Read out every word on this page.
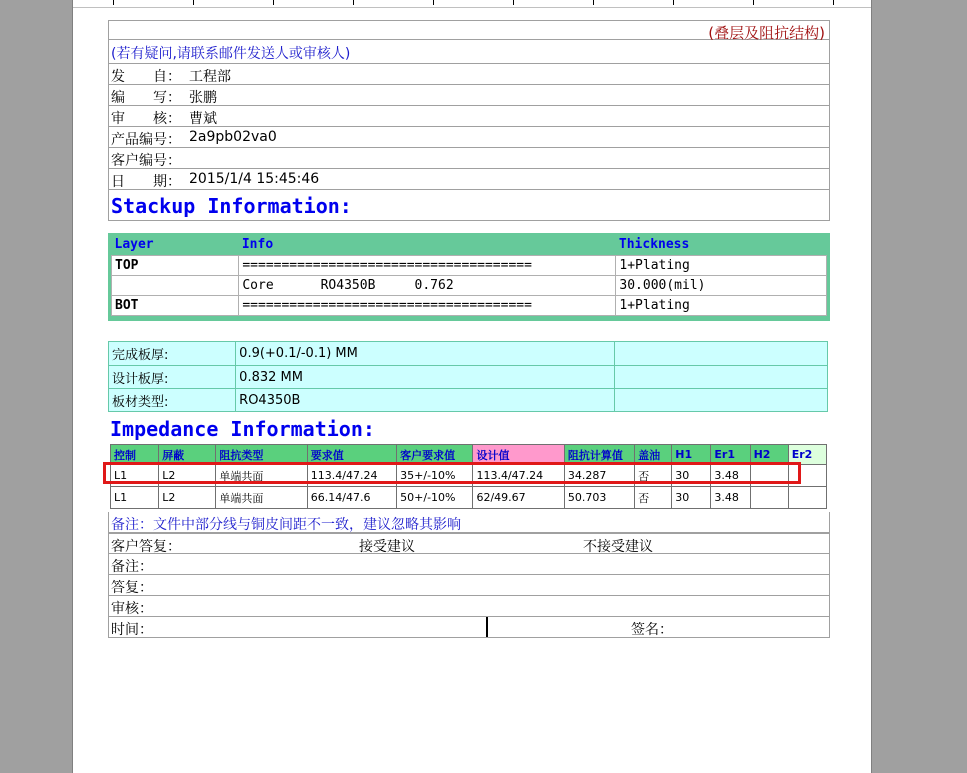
(叠层及阻抗结构)
(若有疑问,请联系邮件发送人或审核人)
发　　自： 工程部
编　　写： 张鹏
审　　核： 曹斌
产品编号： 2a9pb02va0
客户编号：
日　　期： 2015/1/4 15:45:46
Stackup Information:
Layer	Info	Thickness
TOP	=====================================	1+Plating
	Core      RO4350B     0.762	30.000(mil)
BOT	=====================================	1+Plating
完成板厚:	0.9(+0.1/-0.1) MM	
设计板厚:	0.832 MM	
板材类型:	RO4350B	
Impedance Information:
控制	屏蔽	阻抗类型	要求值	客户要求值	设计值	阻抗计算值	盖油	H1	Er1	H2	Er2
L1	L2	单端共面	113.4/47.24	35+/-10%	113.4/47.24	34.287	否	30	3.48		
L1	L2	单端共面	66.14/47.6	50+/-10%	62/49.67	50.703	否	30	3.48		
备注：文件中部分线与铜皮间距不一致，建议忽略其影响
客户答复：	接受建议	不接受建议
备注：
答复：
审核：
时间：	签名：
